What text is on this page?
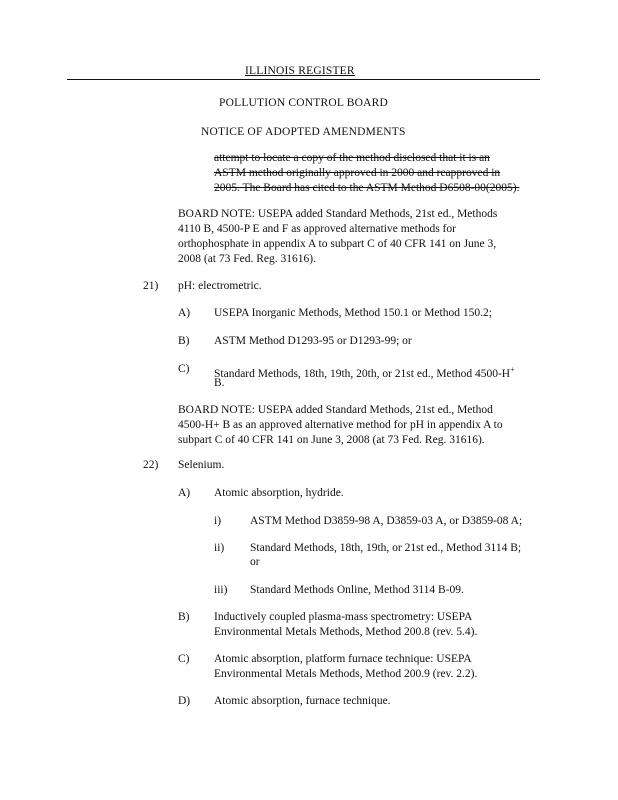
ILLINOIS REGISTER
POLLUTION CONTROL BOARD
NOTICE OF ADOPTED AMENDMENTS
attempt to locate a copy of the method disclosed that it is an
ASTM method originally approved in 2000 and reapproved in
2005. The Board has cited to the ASTM Method D6508-00(2005).
BOARD NOTE: USEPA added Standard Methods, 21st ed., Methods
4110 B, 4500-P E and F as approved alternative methods for
orthophosphate in appendix A to subpart C of 40 CFR 141 on June 3,
2008 (at 73 Fed. Reg. 31616).
21) pH: electrometric.
A) USEPA Inorganic Methods, Method 150.1 or Method 150.2;
B) ASTM Method D1293-95 or D1293-99; or
C) Standard Methods, 18th, 19th, 20th, or 21st ed., Method 4500-H+
B.
BOARD NOTE: USEPA added Standard Methods, 21st ed., Method
4500-H+ B as an approved alternative method for pH in appendix A to
subpart C of 40 CFR 141 on June 3, 2008 (at 73 Fed. Reg. 31616).
22) Selenium.
A) Atomic absorption, hydride.
i)	ASTM Method D3859-98 A, D3859-03 A, or D3859-08 A;
ii) Standard Methods, 18th, 19th, or 21st ed., Method 3114 B;
or
iii) Standard Methods Online, Method 3114 B-09.
B) Inductively coupled plasma-mass spectrometry: USEPA
Environmental Metals Methods, Method 200.8 (rev. 5.4).
C) Atomic absorption, platform furnace technique: USEPA
Environmental Metals Methods, Method 200.9 (rev. 2.2).
D) Atomic absorption, furnace technique.
